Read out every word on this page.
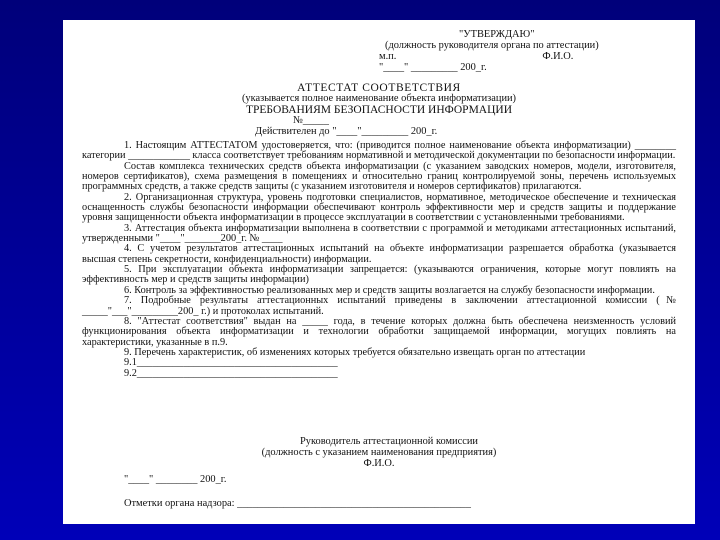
"УТВЕРЖДАЮ"
(должность руководителя органа по аттестации)
м.п.	Ф.И.О.
"____" _________ 200_г.
АТТЕСТАТ СООТВЕТСТВИЯ
(указывается полное наименование объекта информатизации)
ТРЕБОВАНИЯМ БЕЗОПАСНОСТИ ИНФОРМАЦИИ
№_____
Действителен до "____"_________ 200_г.

1. Настоящим АТТЕСТАТОМ удостоверяется, что: (приводится полное наименование объекта информатизации) ________ категории ____________ класса соответствует требованиям нормативной и методической документации по безопасности информации.

Состав комплекса технических средств объекта информатизации (с указанием заводских номеров, модели, изготовителя, номеров сертификатов), схема размещения в помещениях и относительно границ контролируемой зоны, перечень используемых программных средств, а также средств защиты (с указанием изготовителя и номеров сертификатов) прилагаются.

2. Организационная структура, уровень подготовки специалистов, нормативное, методическое обеспечение и техническая оснащенность службы безопасности информации обеспечивают контроль эффективности мер и средств защиты и поддержание уровня защищенности объекта информатизации в процессе эксплуатации в соответствии с установленными требованиями.

3. Аттестация объекта информатизации выполнена в соответствии с программой и методиками аттестационных испытаний, утвержденными "____"_______200_г. № ____

4. С учетом результатов аттестационных испытаний на объекте информатизации разрешается обработка (указывается высшая степень секретности, конфиденциальности) информации.

5. При эксплуатации объекта информатизации запрещается: (указываются ограничения, которые могут повлиять на эффективность мер и средств защиты информации)

6. Контроль за эффективностью реализованных мер и средств защиты возлагается на службу безопасности информации.

7. Подробные результаты аттестационных испытаний приведены в заключении аттестационной комиссии (№ _____"___"_________200_ г.) и протоколах испытаний.

8. "Аттестат соответствия" выдан на _____ года, в течение которых должна быть обеспечена неизменность условий функционирования объекта информатизации и технологии обработки защищаемой информации, могущих повлиять на характеристики, указанные в п.9.

9. Перечень характеристик, об изменениях которых требуется обязательно извещать орган по аттестации

9.1_______________________________________
9.2_______________________________________
Руководитель аттестационной комиссии
(должность с указанием наименования предприятия)
Ф.И.О.
"____" ________ 200_г.
Отметки органа надзора: _____________________________________________
